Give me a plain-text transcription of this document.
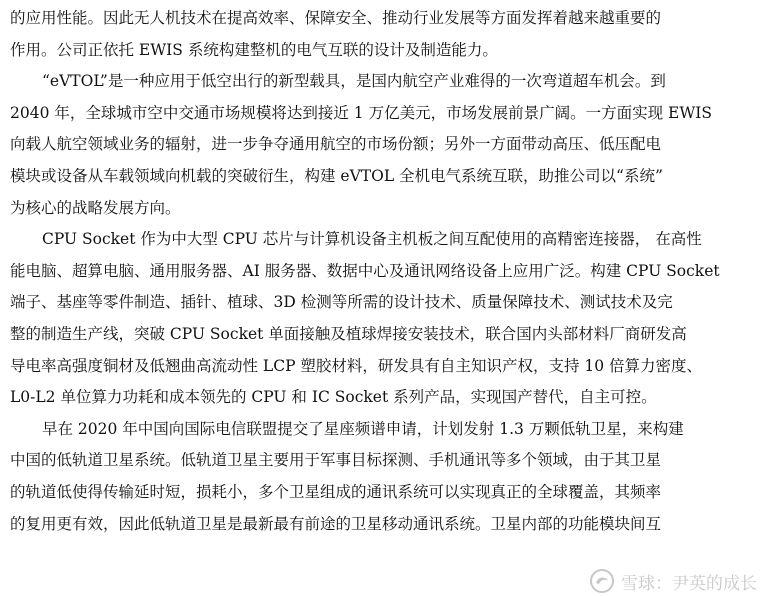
的应用性能。因此无人机技术在提高效率、保障安全、推动行业发展等方面发挥着越来越重要的
作用。公司正依托 EWIS 系统构建整机的电气互联的设计及制造能力。
“eVTOL”是一种应用于低空出行的新型载具，是国内航空产业难得的一次弯道超车机会。到
2040 年，全球城市空中交通市场规模将达到接近 1 万亿美元，市场发展前景广阔。一方面实现 EWIS
向载人航空领域业务的辐射，进一步争夺通用航空的市场份额；另外一方面带动高压、低压配电
模块或设备从车载领域向机载的突破衍生，构建 eVTOL 全机电气系统互联，助推公司以“系统”
为核心的战略发展方向。
CPU Socket 作为中大型 CPU 芯片与计算机设备主机板之间互配使用的高精密连接器， 在高性
能电脑、超算电脑、通用服务器、AI 服务器、数据中心及通讯网络设备上应用广泛。构建 CPU Socket
端子、基座等零件制造、插针、植球、3D 检测等所需的设计技术、质量保障技术、测试技术及完
整的制造生产线，突破 CPU Socket 单面接触及植球焊接安装技术，联合国内头部材料厂商研发高
导电率高强度铜材及低翘曲高流动性 LCP 塑胶材料，研发具有自主知识产权，支持 10 倍算力密度、
L0-L2 单位算力功耗和成本领先的 CPU 和 IC Socket 系列产品，实现国产替代，自主可控。
早在 2020 年中国向国际电信联盟提交了星座频谱申请，计划发射 1.3 万颗低轨卫星，来构建
中国的低轨道卫星系统。低轨道卫星主要用于军事目标探测、手机通讯等多个领域，由于其卫星
的轨道低使得传输延时短，损耗小，多个卫星组成的通讯系统可以实现真正的全球覆盖，其频率
的复用更有效，因此低轨道卫星是最新最有前途的卫星移动通讯系统。卫星内部的功能模块间互
雪球：尹英的成长
